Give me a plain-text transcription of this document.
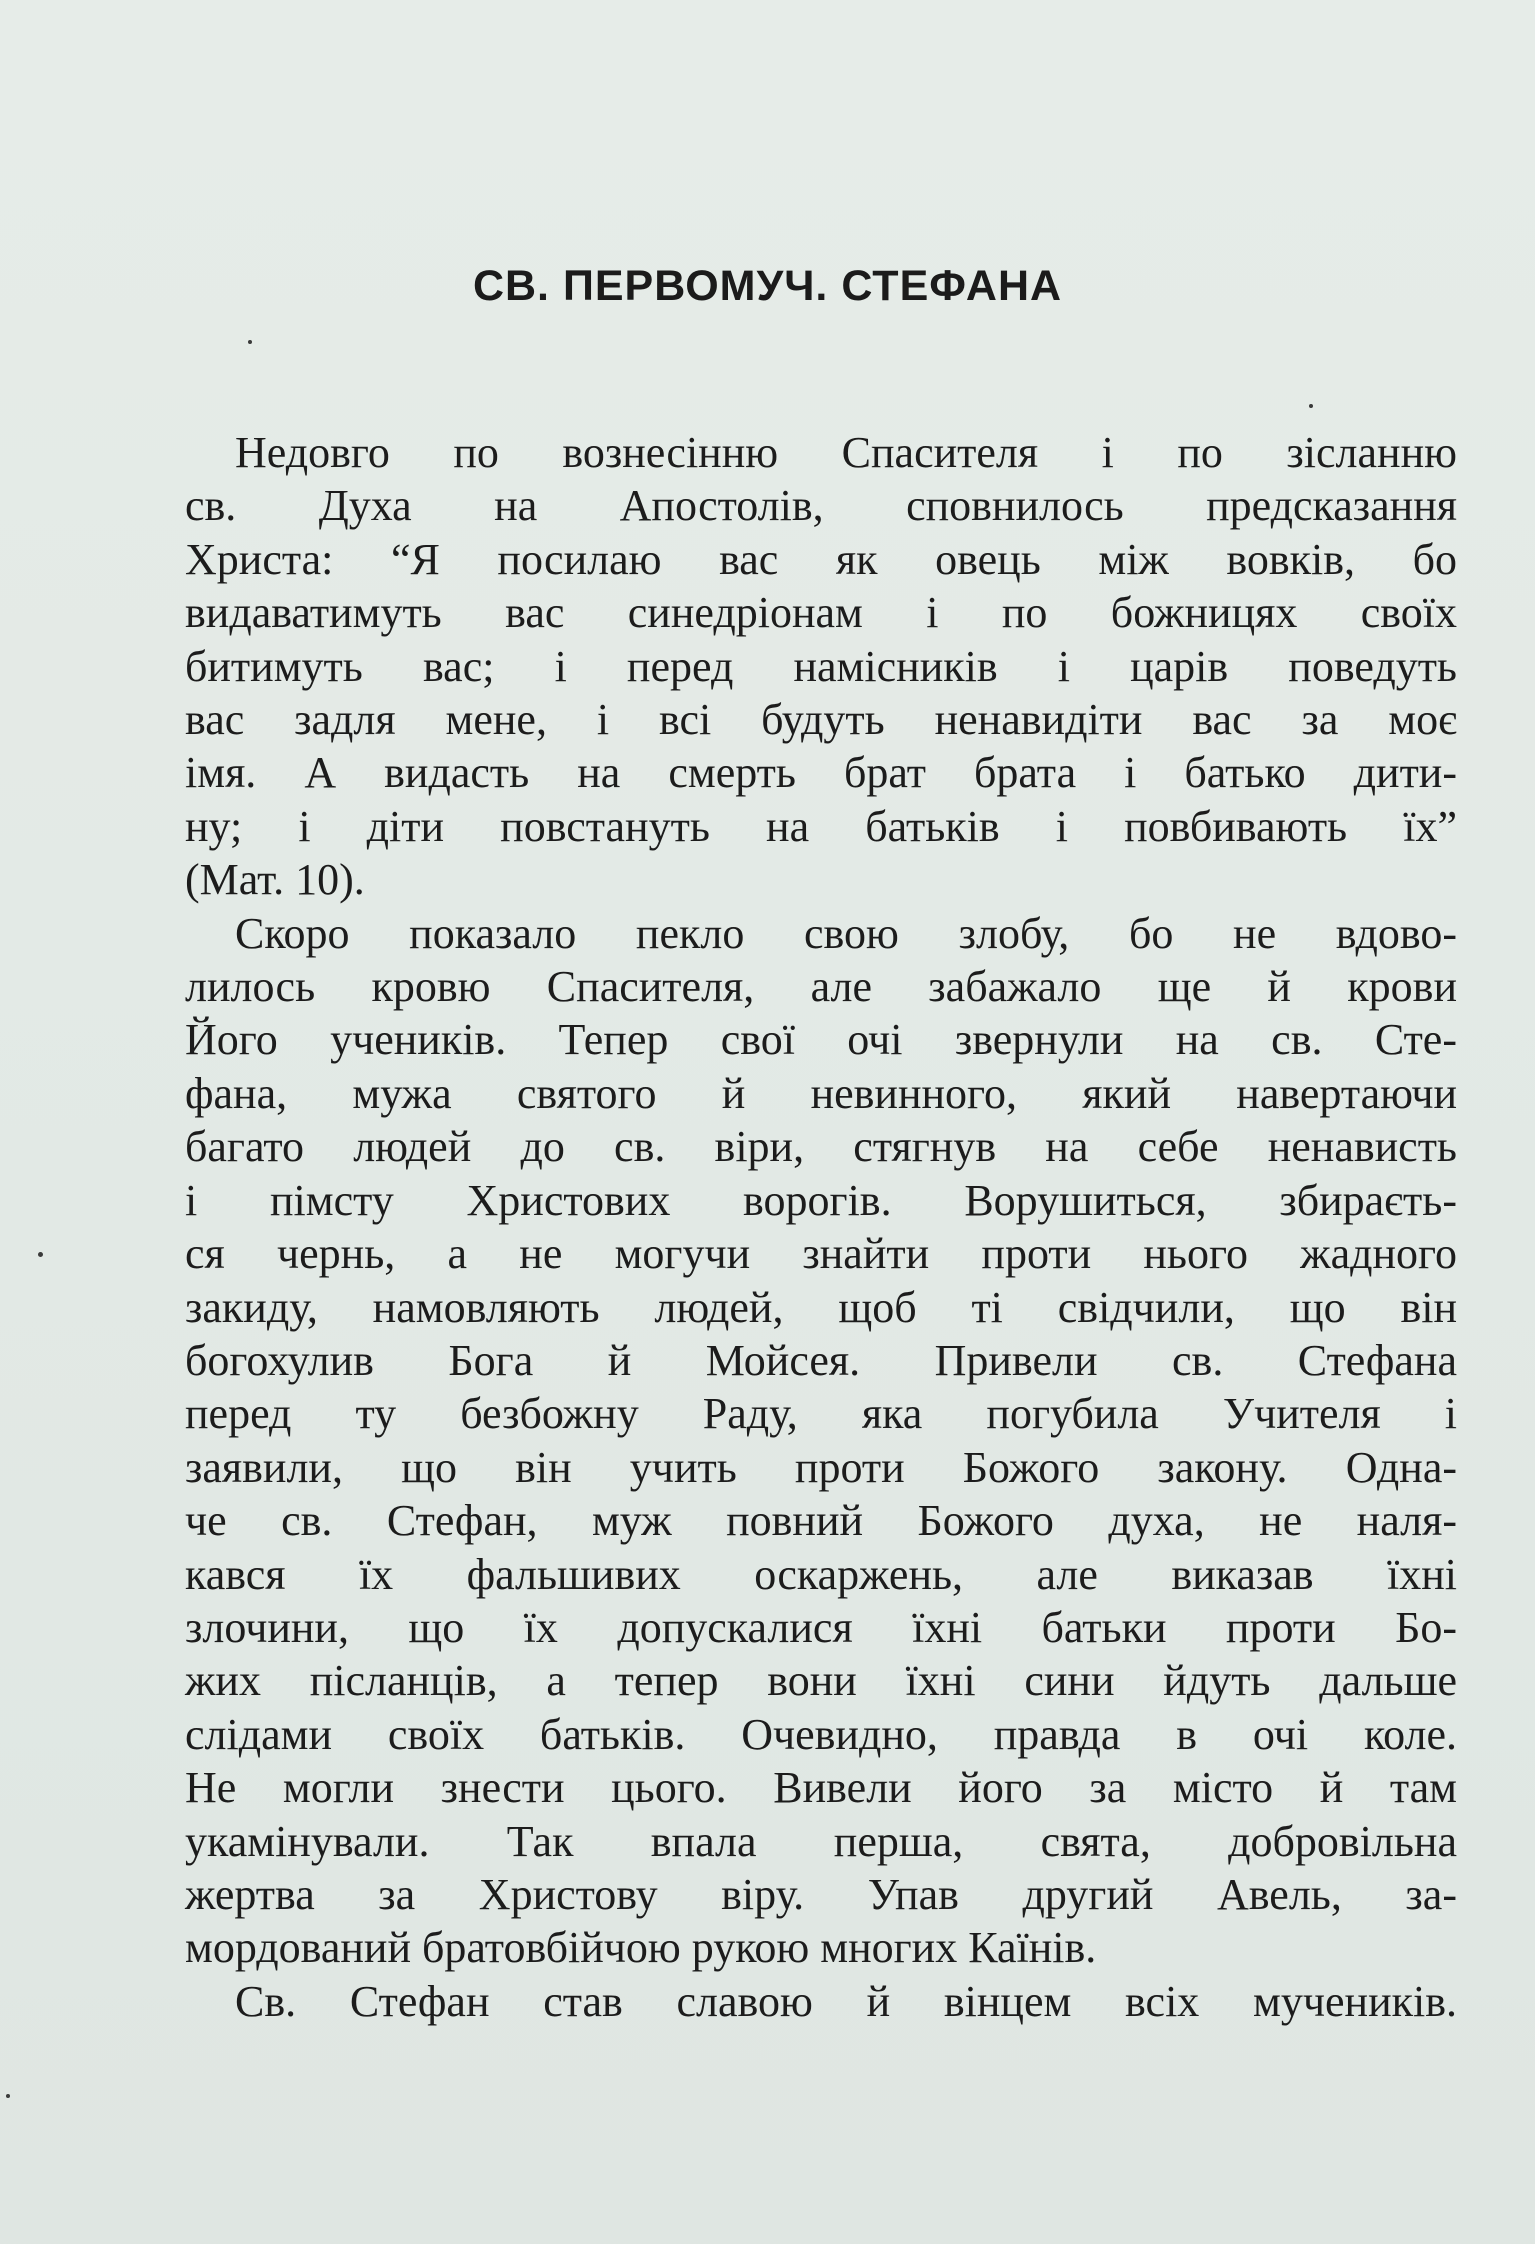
СВ. ПЕРВОМУЧ. СТЕФАНА
Недовго по вознесінню Спасителя і по зісланню
св. Духа на Апостолів, сповнилось предсказання
Христа: “Я посилаю вас як овець між вовків, бо
видаватимуть вас синедріонам і по божницях своїх
битимуть вас; і перед намісників і царів поведуть
вас задля мене, і всі будуть ненавидіти вас за моє
імя. А видасть на смерть брат брата і батько дити-
ну; і діти повстануть на батьків і повбивають їх”
(Мат. 10).
Скоро показало пекло свою злобу, бо не вдово-
лилось кровю Спасителя, але забажало ще й крови
Його учеників. Тепер свої очі звернули на св. Сте-
фана, мужа святого й невинного, який навертаючи
багато людей до св. віри, стягнув на себе ненависть
і пімсту Христових ворогів. Ворушиться, збираєть-
ся чернь, а не могучи знайти проти нього жадного
закиду, намовляють людей, щоб ті свідчили, що він
богохулив Бога й Мойсея. Привели св. Стефана
перед ту безбожну Раду, яка погубила Учителя і
заявили, що він учить проти Божого закону. Одна-
че св. Стефан, муж повний Божого духа, не наля-
кався їх фальшивих оскаржень, але виказав їхні
злочини, що їх допускалися їхні батьки проти Бо-
жих післанців, а тепер вони їхні сини йдуть дальше
слідами своїх батьків. Очевидно, правда в очі коле.
Не могли знести цього. Вивели його за місто й там
укамінували. Так впала перша, свята, добровільна
жертва за Христову віру. Упав другий Авель, за-
мордований братовбійчою рукою многих Каїнів.
Св. Стефан став славою й вінцем всіх мучеників.
